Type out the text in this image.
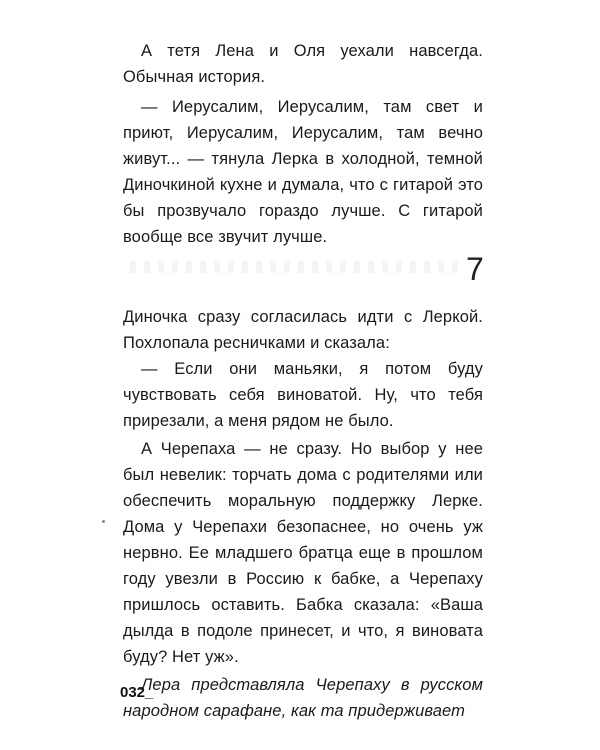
А тетя Лена и Оля уехали навсегда. Обычная история.

— Иерусалим, Иерусалим, там свет и приют, Иерусалим, Иерусалим, там вечно живут... — тянула Лерка в холодной, темной Диночкиной кухне и думала, что с гитарой это бы прозвучало гораздо лучше. С гитарой вообще все звучит лучше.

7

Диночка сразу согласилась идти с Леркой. Похлопала ресничками и сказала:

— Если они маньяки, я потом буду чувствовать себя виноватой. Ну, что тебя прирезали, а меня рядом не было.

А Черепаха — не сразу. Но выбор у нее был невелик: торчать дома с родителями или обеспечить моральную поддержку Лерке. Дома у Черепахи безопаснее, но очень уж нервно. Ее младшего братца еще в прошлом году увезли в Россию к бабке, а Черепаху пришлось оставить. Бабка сказала: «Ваша дылда в подоле принесет, и что, я виновата буду? Нет уж».

Лера представляла Черепаху в русском народном сарафане, как та придерживает

032_
